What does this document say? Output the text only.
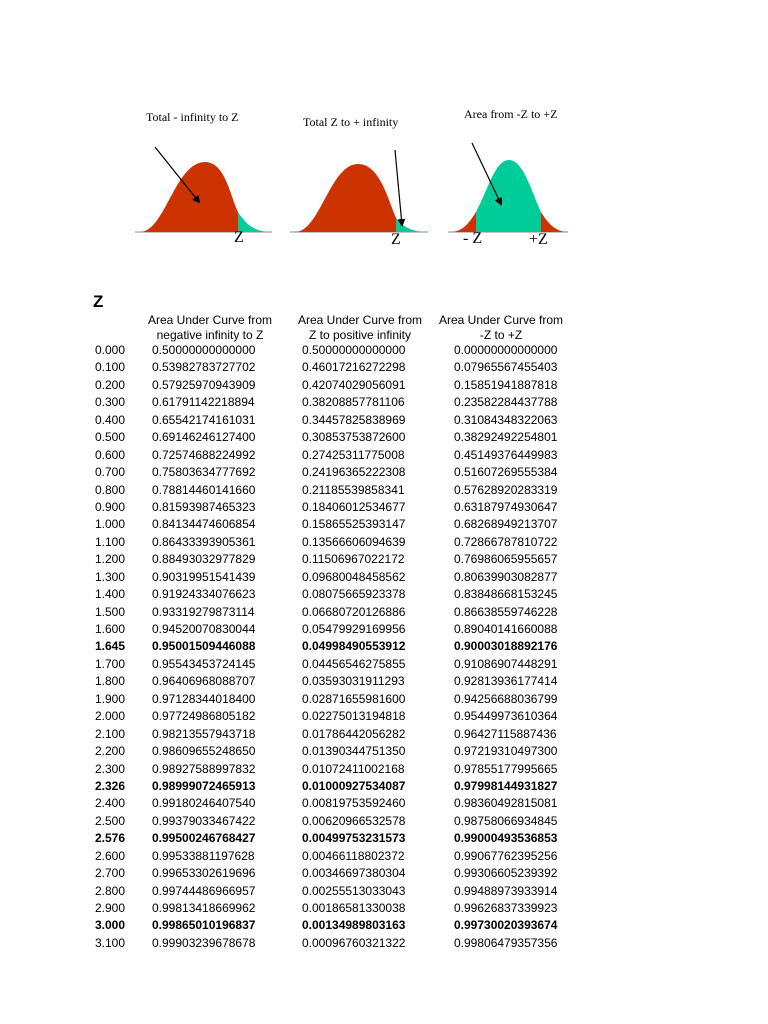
Total - infinity to Z
Z
Total Z to + infinity
Z
Area from -Z to +Z
- Z	+Z
Z
Area Under Curve from
negative infinity to Z
Area Under Curve from
Z to positive infinity
Area Under Curve from
-Z to +Z
0.000 0.50000000000000	0.50000000000000	0.00000000000000
0.100 0.53982783727702	0.46017216272298	0.07965567455403
0.200 0.57925970943909	0.42074029056091	0.15851941887818
0.300 0.61791142218894	0.38208857781106	0.23582284437788
0.400 0.65542174161031	0.34457825838969	0.31084348322063
0.500 0.69146246127400	0.30853753872600	0.38292492254801
0.600 0.72574688224992	0.27425311775008	0.45149376449983
0.700 0.75803634777692	0.24196365222308	0.51607269555384
0.800 0.78814460141660	0.21185539858341	0.57628920283319
0.900 0.81593987465323	0.18406012534677	0.63187974930647
1.000 0.84134474606854	0.15865525393147	0.68268949213707
1.100 0.86433393905361	0.13566606094639	0.72866787810722
1.200 0.88493032977829	0.11506967022172	0.76986065955657
1.300 0.90319951541439	0.09680048458562	0.80639903082877
1.400 0.91924334076623	0.08075665923378	0.83848668153245
1.500 0.93319279873114	0.06680720126886	0.86638559746228
1.600 0.94520070830044	0.05479929169956	0.89040141660088
1.645 0.95001509446088	0.04998490553912	0.90003018892176
1.700 0.95543453724145	0.04456546275855	0.91086907448291
1.800 0.96406968088707	0.03593031911293	0.92813936177414
1.900 0.97128344018400	0.02871655981600	0.94256688036799
2.000 0.97724986805182	0.02275013194818	0.95449973610364
2.100 0.98213557943718	0.01786442056282	0.96427115887436
2.200 0.98609655248650	0.01390344751350	0.97219310497300
2.300 0.98927588997832	0.01072411002168	0.97855177995665
2.326 0.98999072465913	0.01000927534087	0.97998144931827
2.400 0.99180246407540	0.00819753592460	0.98360492815081
2.500 0.99379033467422	0.00620966532578	0.98758066934845
2.576 0.99500246768427	0.00499753231573	0.99000493536853
2.600 0.99533881197628	0.00466118802372	0.99067762395256
2.700 0.99653302619696	0.00346697380304	0.99306605239392
2.800 0.99744486966957	0.00255513033043	0.99488973933914
2.900 0.99813418669962	0.00186581330038	0.99626837339923
3.000 0.99865010196837	0.00134989803163	0.99730020393674
3.100 0.99903239678678	0.00096760321322	0.99806479357356
